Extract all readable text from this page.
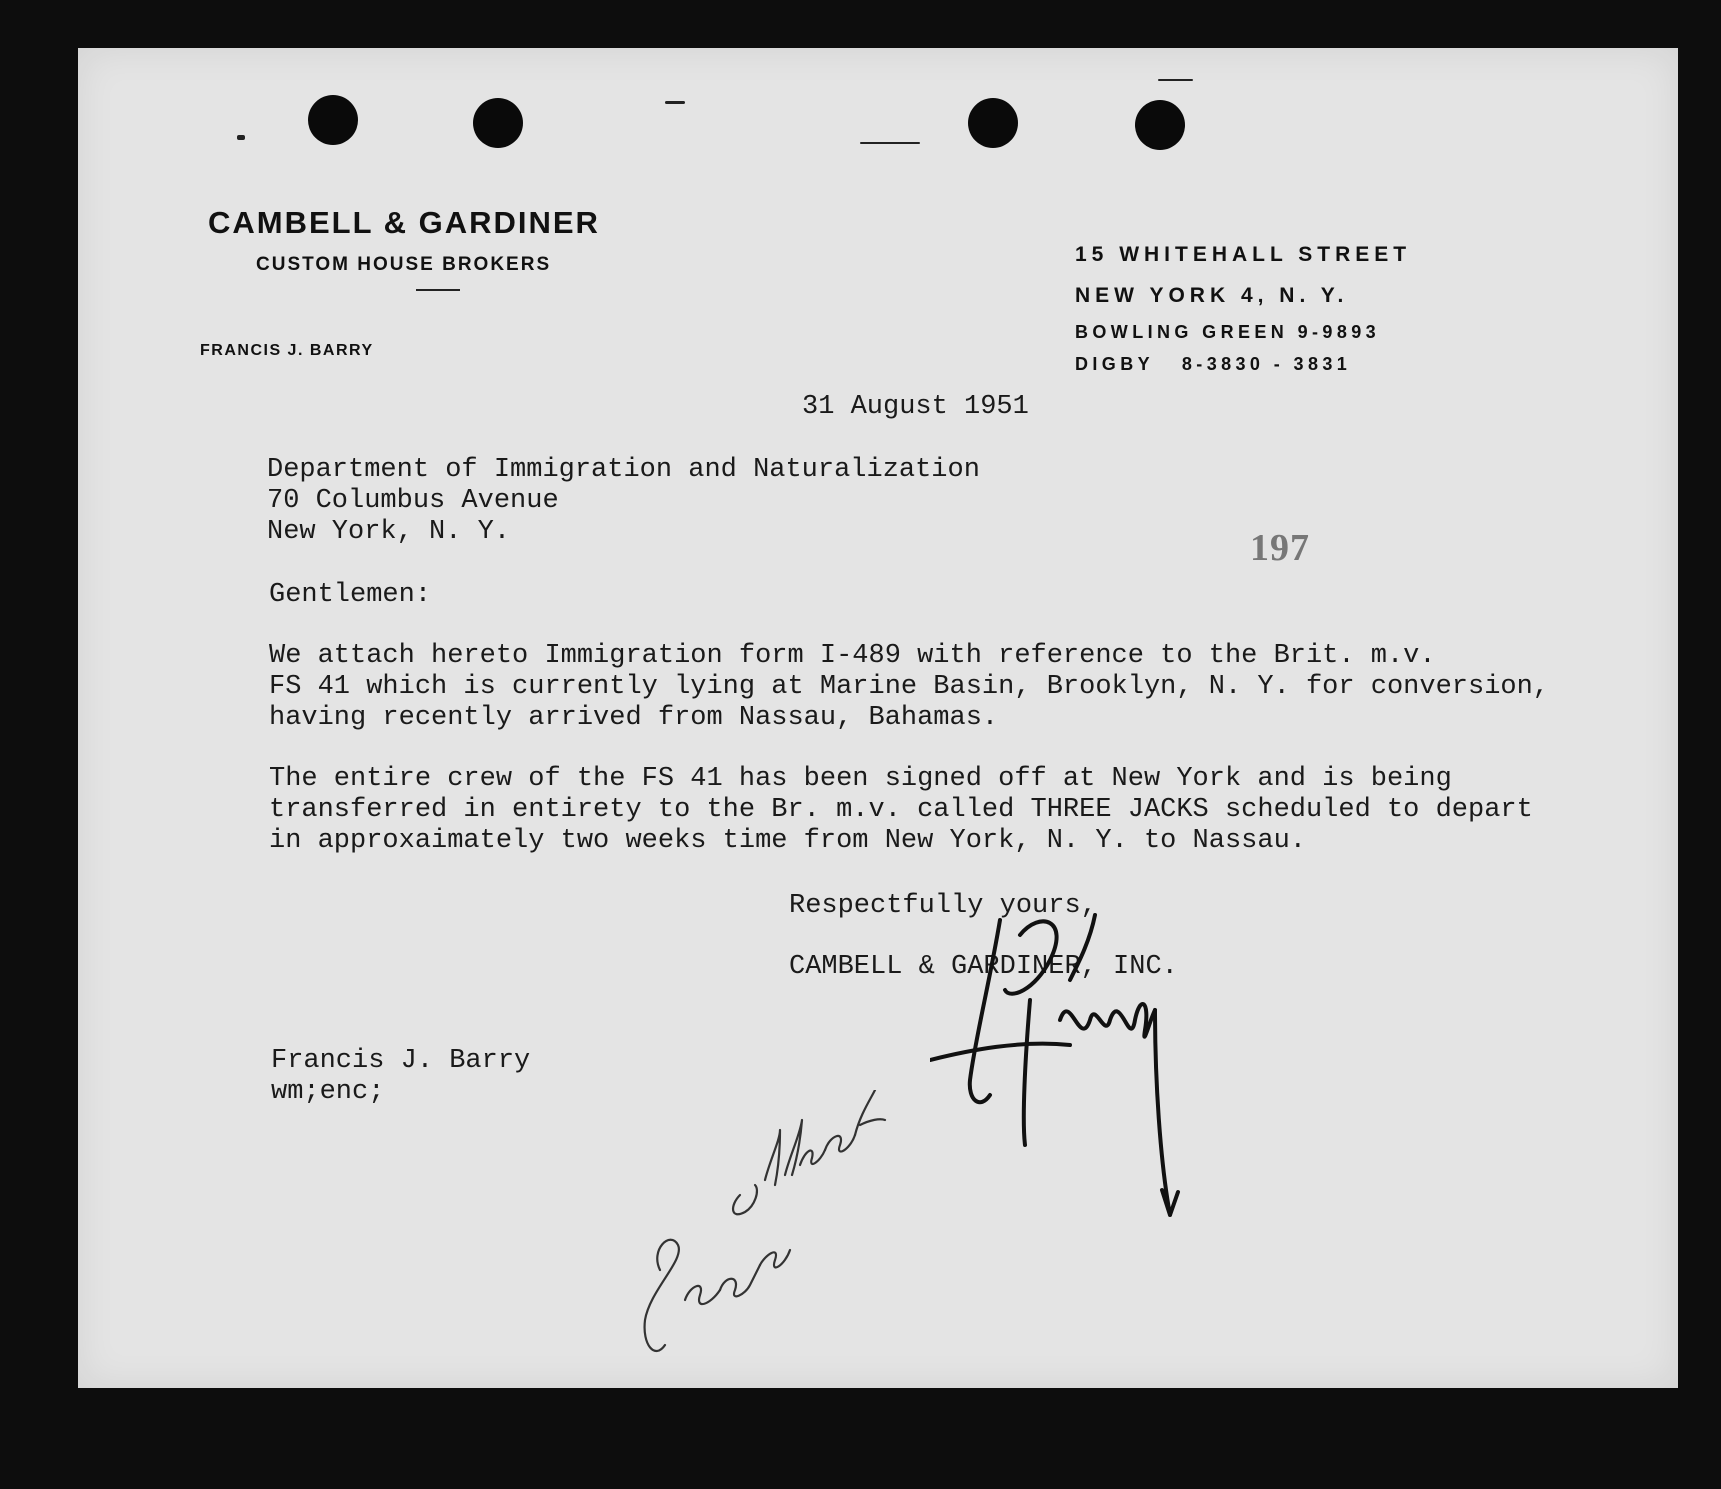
CAMBELL & GARDINER
CUSTOM HOUSE BROKERS
FRANCIS J. BARRY
15 WHITEHALL STREET
NEW YORK 4, N. Y.
BOWLING GREEN 9-9893
DIGBY   8-3830 - 3831
31 August 1951
Department of Immigration and Naturalization
70 Columbus Avenue
New York, N. Y.	197
Gentlemen:
We attach hereto Immigration form I-489 with reference to the Brit. m.v.
FS 41 which is currently lying at Marine Basin, Brooklyn, N. Y. for conversion,
having recently arrived from Nassau, Bahamas.
The entire crew of the FS 41 has been signed off at New York and is being
transferred in entirety to the Br. m.v. called THREE JACKS scheduled to depart
in approxaimately two weeks time from New York, N. Y. to Nassau.
Respectfully yours,
CAMBELL & GARDINER, INC.
Francis J. Barry
wm;enc;
